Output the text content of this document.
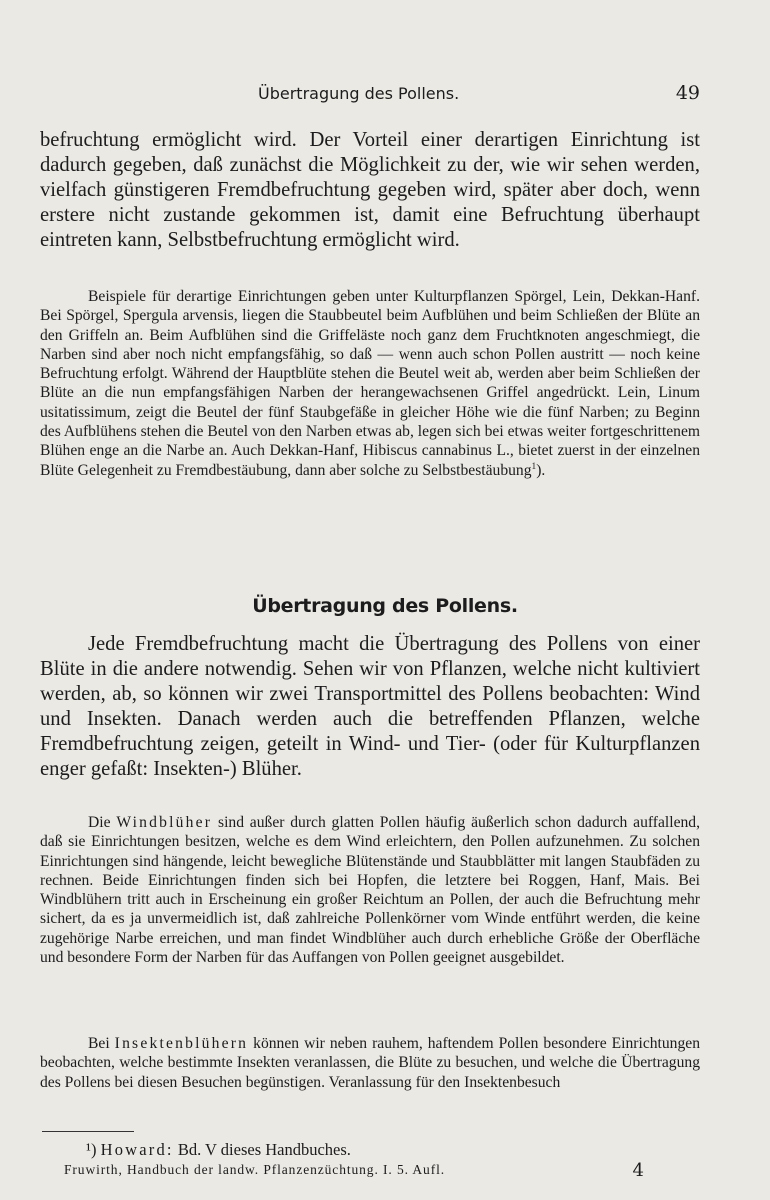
Übertragung des Pollens.	49

befruchtung ermöglicht wird. Der Vorteil einer derartigen Einrichtung ist dadurch gegeben, daß zunächst die Möglichkeit zu der, wie wir sehen werden, vielfach günstigeren Fremdbefruchtung gegeben wird, später aber doch, wenn erstere nicht zustande gekommen ist, damit eine Befruchtung überhaupt eintreten kann, Selbstbefruchtung ermöglicht wird.

Beispiele für derartige Einrichtungen geben unter Kulturpflanzen Spörgel, Lein, Dekkan-Hanf. Bei Spörgel, Spergula arvensis, liegen die Staubbeutel beim Aufblühen und beim Schließen der Blüte an den Griffeln an. Beim Aufblühen sind die Griffeläste noch ganz dem Fruchtknoten angeschmiegt, die Narben sind aber noch nicht empfangsfähig, so daß — wenn auch schon Pollen austritt — noch keine Befruchtung erfolgt. Während der Hauptblüte stehen die Beutel weit ab, werden aber beim Schließen der Blüte an die nun empfangsfähigen Narben der herangewachsenen Griffel angedrückt. Lein, Linum usitatissimum, zeigt die Beutel der fünf Staubgefäße in gleicher Höhe wie die fünf Narben; zu Beginn des Aufblühens stehen die Beutel von den Narben etwas ab, legen sich bei etwas weiter fortgeschrittenem Blühen enge an die Narbe an. Auch Dekkan-Hanf, Hibiscus cannabinus L., bietet zuerst in der einzelnen Blüte Gelegenheit zu Fremdbestäubung, dann aber solche zu Selbstbestäubung$^1$).

Übertragung des Pollens.

Jede Fremdbefruchtung macht die Übertragung des Pollens von einer Blüte in die andere notwendig. Sehen wir von Pflanzen, welche nicht kultiviert werden, ab, so können wir zwei Transportmittel des Pollens beobachten: Wind und Insekten. Danach werden auch die betreffenden Pflanzen, welche Fremdbefruchtung zeigen, geteilt in Wind- und Tier- (oder für Kulturpflanzen enger gefaßt: Insekten-) Blüher.

Die Windblüher sind außer durch glatten Pollen häufig äußerlich schon dadurch auffallend, daß sie Einrichtungen besitzen, welche es dem Wind erleichtern, den Pollen aufzunehmen. Zu solchen Einrichtungen sind hängende, leicht bewegliche Blütenstände und Staubblätter mit langen Staubfäden zu rechnen. Beide Einrichtungen finden sich bei Hopfen, die letztere bei Roggen, Hanf, Mais. Bei Windblühern tritt auch in Erscheinung ein großer Reichtum an Pollen, der auch die Befruchtung mehr sichert, da es ja unvermeidlich ist, daß zahlreiche Pollenkörner vom Winde entführt werden, die keine zugehörige Narbe erreichen, und man findet Windblüher auch durch erhebliche Größe der Oberfläche und besondere Form der Narben für das Auffangen von Pollen geeignet ausgebildet.

Bei Insektenblühern können wir neben rauhem, haftendem Pollen besondere Einrichtungen beobachten, welche bestimmte Insekten veranlassen, die Blüte zu besuchen, und welche die Übertragung des Pollens bei diesen Besuchen begünstigen. Veranlassung für den Insektenbesuch

¹) Howard: Bd. V dieses Handbuches.
Fruwirth, Handbuch der landw. Pflanzenzüchtung. I. 5. Aufl.	4
